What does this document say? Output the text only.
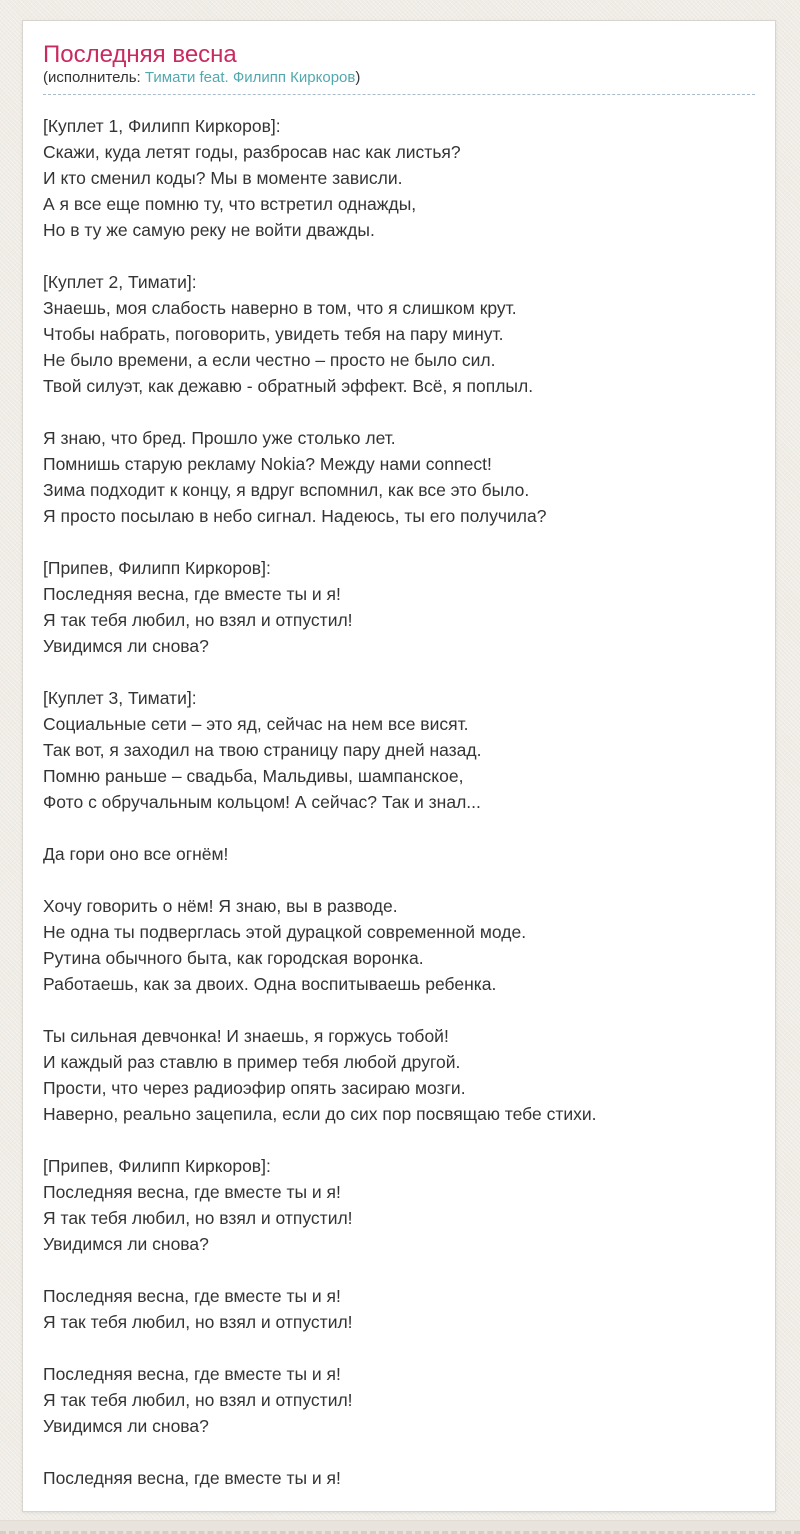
Последняя весна

(исполнитель: Тимати feat. Филипп Киркоров)

[Куплет 1, Филипп Киркоров]:
Скажи, куда летят годы, разбросав нас как листья?
И кто сменил коды? Мы в моменте зависли.
А я все еще помню ту, что встретил однажды,
Но в ту же самую реку не войти дважды.
[Куплет 2, Тимати]:
Знаешь, моя слабость наверно в том, что я слишком крут.
Чтобы набрать, поговорить, увидеть тебя на пару минут.
Не было времени, а если честно – просто не было сил.
Твой силуэт, как дежавю - обратный эффект. Всё, я поплыл.
Я знаю, что бред. Прошло уже столько лет.
Помнишь старую рекламу Nokia? Между нами connect!
Зима подходит к концу, я вдруг вспомнил, как все это было.
Я просто посылаю в небо сигнал. Надеюсь, ты его получила?
[Припев, Филипп Киркоров]:
Последняя весна, где вместе ты и я!
Я так тебя любил, но взял и отпустил!
Увидимся ли снова?
[Куплет 3, Тимати]:
Социальные сети – это яд, сейчас на нем все висят.
Так вот, я заходил на твою страницу пару дней назад.
Помню раньше – свадьба, Мальдивы, шампанское,
Фото с обручальным кольцом! А сейчас? Так и знал...
Да гори оно все огнём!
Хочу говорить о нём! Я знаю, вы в разводе.
Не одна ты подверглась этой дурацкой современной моде.
Рутина обычного быта, как городская воронка.
Работаешь, как за двоих. Одна воспитываешь ребенка.
Ты сильная девчонка! И знаешь, я горжусь тобой!
И каждый раз ставлю в пример тебя любой другой.
Прости, что через радиоэфир опять засираю мозги.
Наверно, реально зацепила, если до сих пор посвящаю тебе стихи.
[Припев, Филипп Киркоров]:
Последняя весна, где вместе ты и я!
Я так тебя любил, но взял и отпустил!
Увидимся ли снова?
Последняя весна, где вместе ты и я!
Я так тебя любил, но взял и отпустил!
Последняя весна, где вместе ты и я!
Я так тебя любил, но взял и отпустил!
Увидимся ли снова?
Последняя весна, где вместе ты и я!
